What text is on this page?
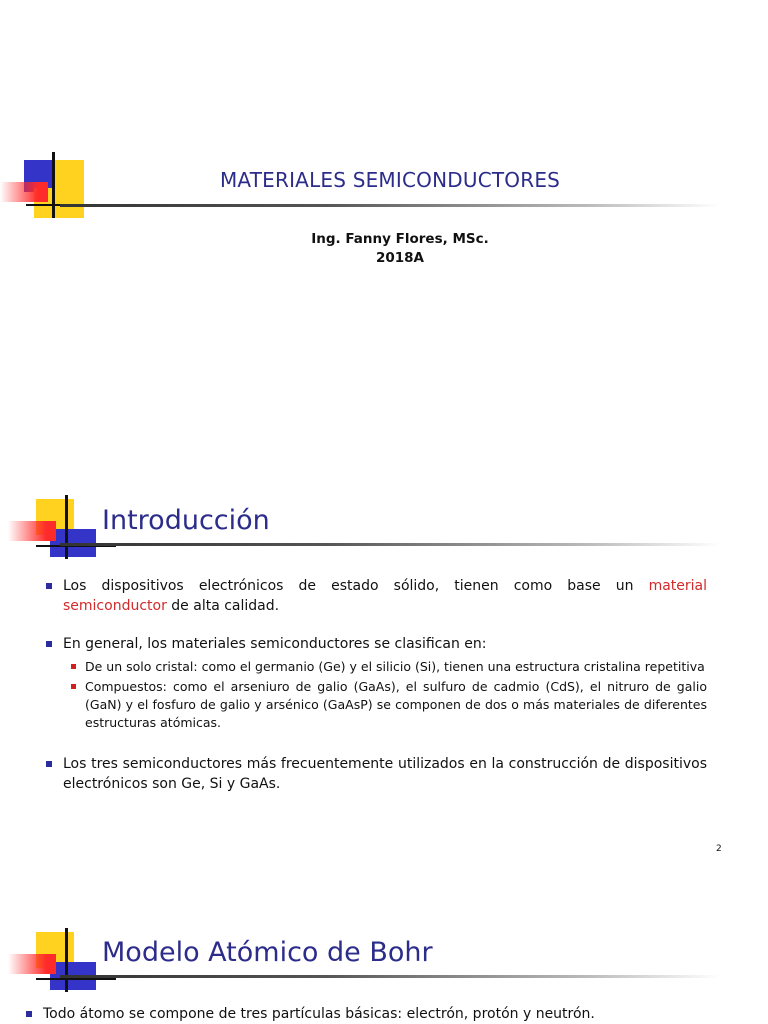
MATERIALES SEMICONDUCTORES
Ing. Fanny Flores, MSc.
2018A
Introducción
Los dispositivos electrónicos de estado sólido, tienen como base un material semiconductor de alta calidad.
En general, los materiales semiconductores se clasifican en:
De un solo cristal: como el germanio (Ge) y el silicio (Si), tienen una estructura cristalina repetitiva
Compuestos: como el arseniuro de galio (GaAs), el sulfuro de cadmio (CdS), el nitruro de galio (GaN) y el fosfuro de galio y arsénico (GaAsP) se componen de dos o más materiales de diferentes estructuras atómicas.
Los tres semiconductores más frecuentemente utilizados en la construcción de dispositivos electrónicos son Ge, Si y GaAs.
2
Modelo Atómico de Bohr
Todo átomo se compone de tres partículas básicas: electrón, protón y neutrón.
